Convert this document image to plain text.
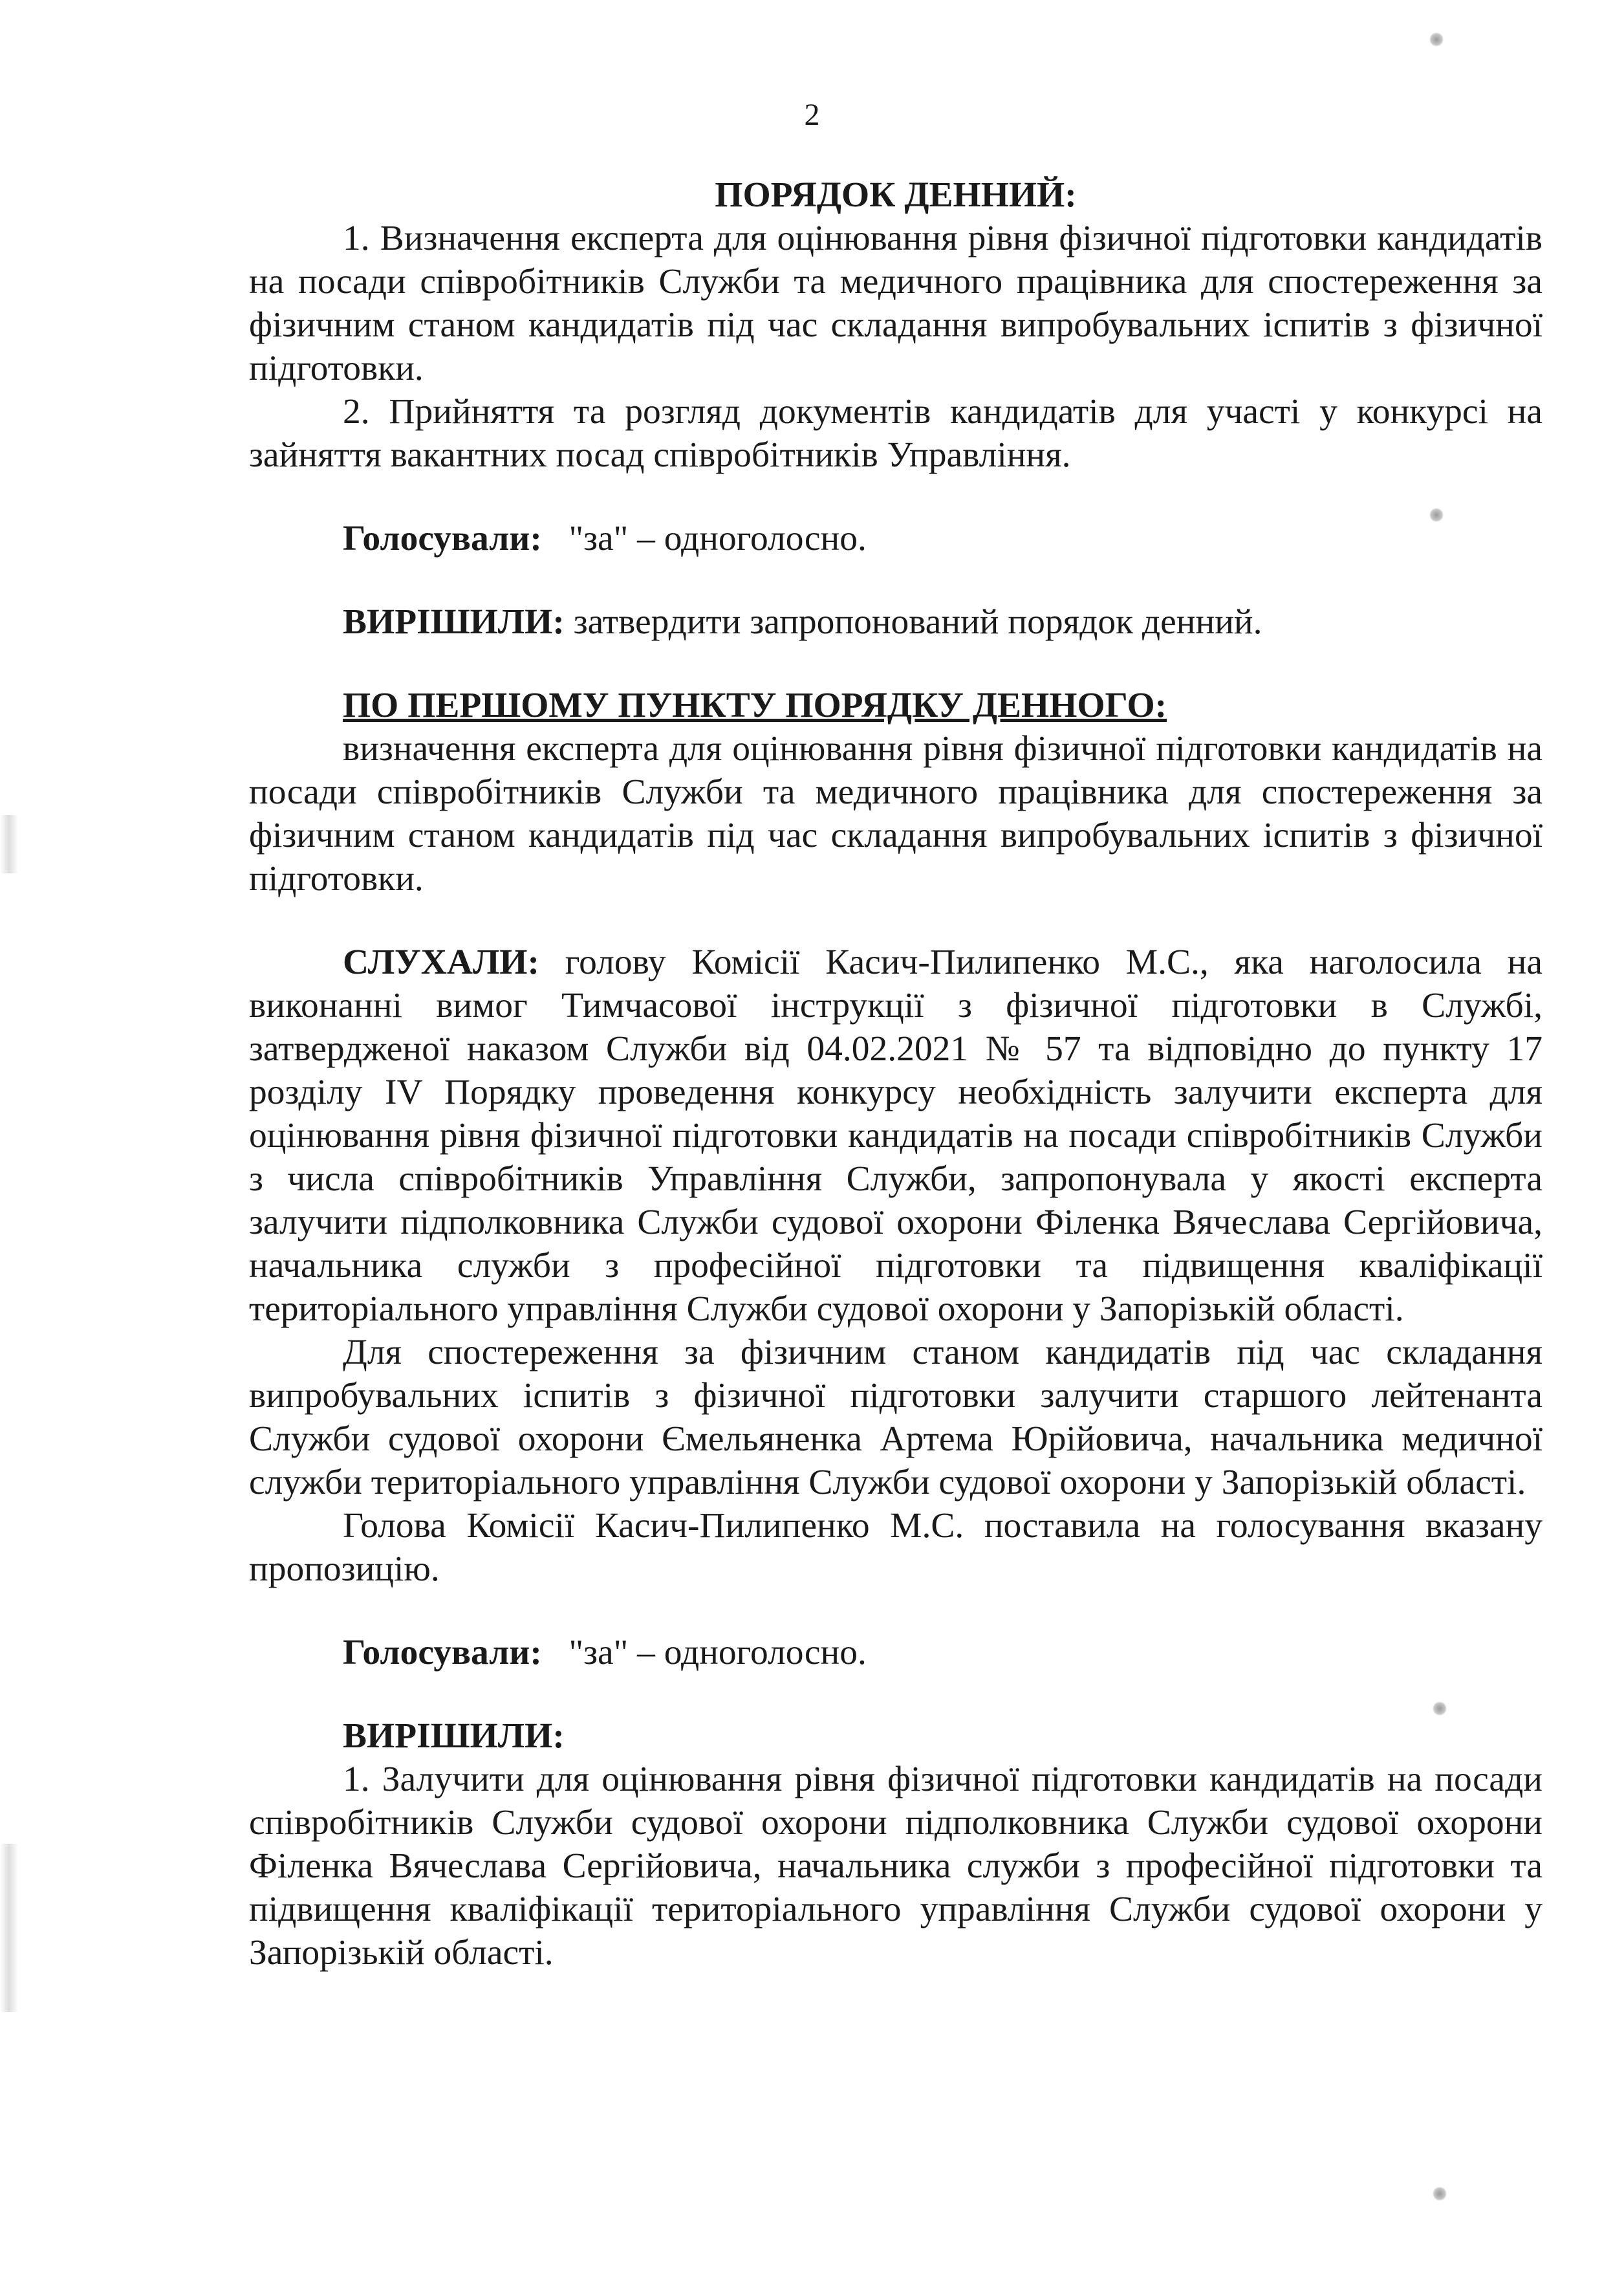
2

ПОРЯДОК ДЕННИЙ:

1. Визначення експерта для оцінювання рівня фізичної підготовки кандидатів на посади співробітників Служби та медичного працівника для спостереження за фізичним станом кандидатів під час складання випробувальних іспитів з фізичної підготовки.

2. Прийняття та розгляд документів кандидатів для участі у конкурсі на зайняття вакантних посад співробітників Управління.

Голосували: "за" – одноголосно.

ВИРІШИЛИ: затвердити запропонований порядок денний.

ПО ПЕРШОМУ ПУНКТУ ПОРЯДКУ ДЕННОГО:

визначення експерта для оцінювання рівня фізичної підготовки кандидатів на посади співробітників Служби та медичного працівника для спостереження за фізичним станом кандидатів під час складання випробувальних іспитів з фізичної підготовки.

СЛУХАЛИ: голову Комісії Касич-Пилипенко М.С., яка наголосила на виконанні вимог Тимчасової інструкції з фізичної підготовки в Службі, затвердженої наказом Служби від 04.02.2021 № 57 та відповідно до пункту 17 розділу IV Порядку проведення конкурсу необхідність залучити експерта для оцінювання рівня фізичної підготовки кандидатів на посади співробітників Служби з числа співробітників Управління Служби, запропонувала у якості експерта залучити підполковника Служби судової охорони Філенка Вячеслава Сергійовича, начальника служби з професійної підготовки та підвищення кваліфікації територіального управління Служби судової охорони у Запорізькій області.

Для спостереження за фізичним станом кандидатів під час складання випробувальних іспитів з фізичної підготовки залучити старшого лейтенанта Служби судової охорони Ємельяненка Артема Юрійовича, начальника медичної служби територіального управління Служби судової охорони у Запорізькій області.

Голова Комісії Касич-Пилипенко М.С. поставила на голосування вказану пропозицію.

Голосували: "за" – одноголосно.

ВИРІШИЛИ:

1. Залучити для оцінювання рівня фізичної підготовки кандидатів на посади співробітників Служби судової охорони підполковника Служби судової охорони Філенка Вячеслава Сергійовича, начальника служби з професійної підготовки та підвищення кваліфікації територіального управління Служби судової охорони у Запорізькій області.
